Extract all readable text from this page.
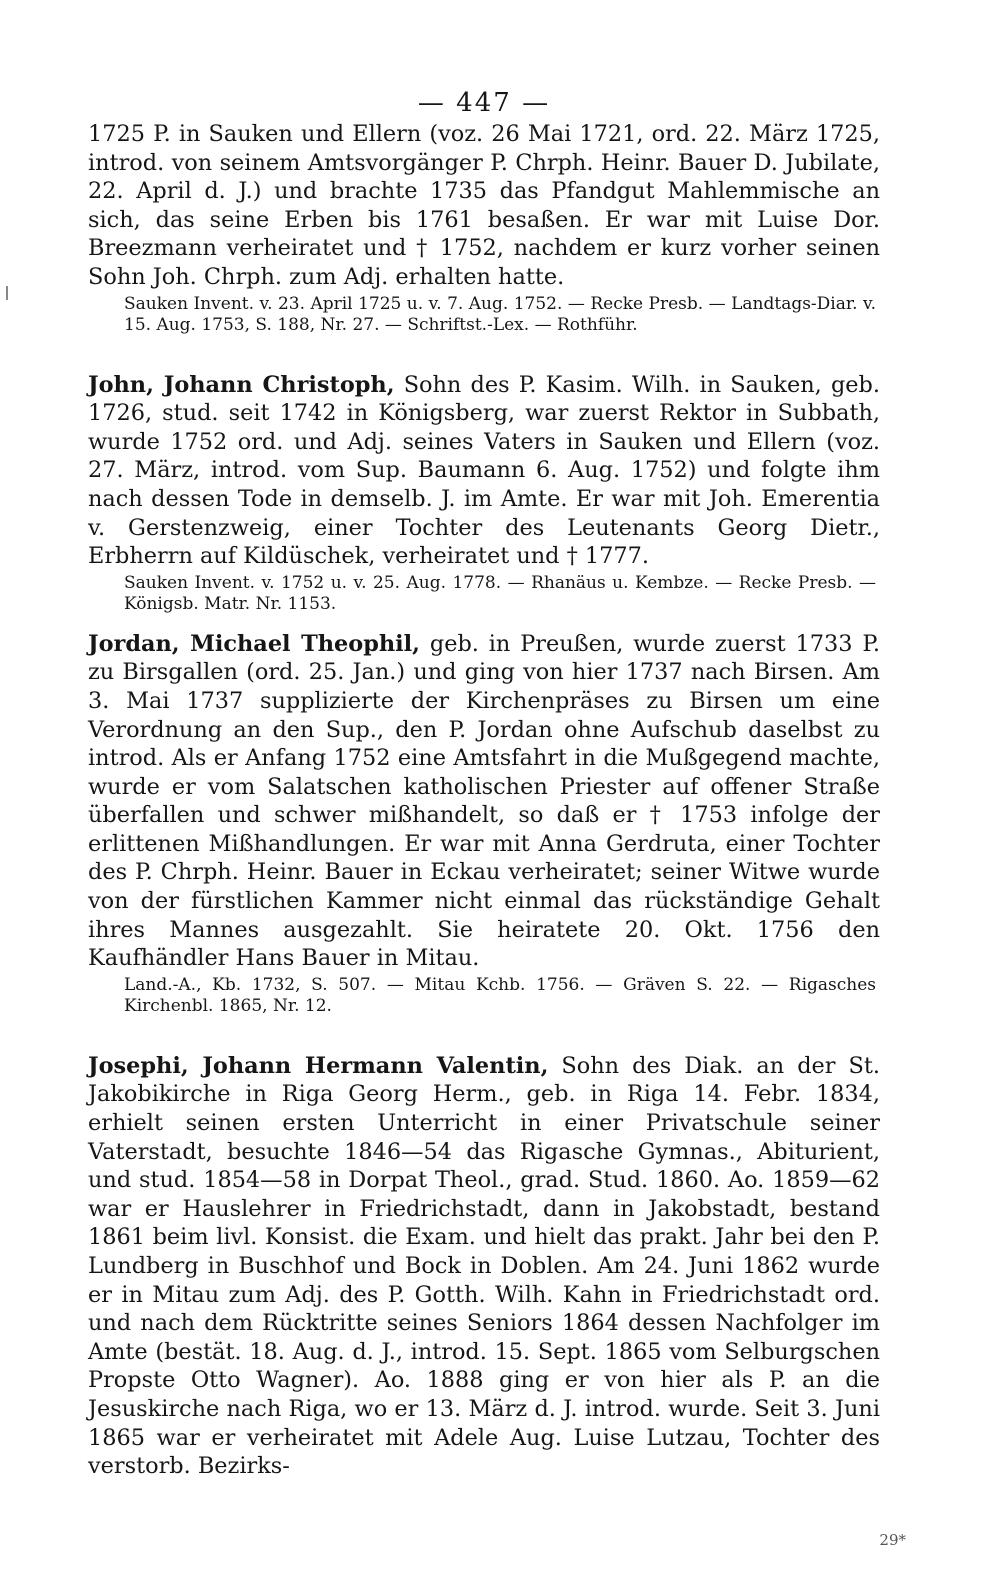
— 447 —

1725 P. in Sauken und Ellern (voz. 26 Mai 1721, ord. 22. März 1725, introd. von seinem Amtsvorgänger P. Chrph. Heinr. Bauer D. Jubilate, 22. April d. J.) und brachte 1735 das Pfandgut Mahlemmische an sich, das seine Erben bis 1761 besaßen. Er war mit Luise Dor. Breezmann verheiratet und † 1752, nachdem er kurz vorher seinen Sohn Joh. Chrph. zum Adj. erhalten hatte.

Sauken Invent. v. 23. April 1725 u. v. 7. Aug. 1752. — Recke Presb. — Landtags-Diar. v. 15. Aug. 1753, S. 188, Nr. 27. — Schriftst.-Lex. — Rothführ.

John, Johann Christoph, Sohn des P. Kasim. Wilh. in Sauken, geb. 1726, stud. seit 1742 in Königsberg, war zuerst Rektor in Subbath, wurde 1752 ord. und Adj. seines Vaters in Sauken und Ellern (voz. 27. März, introd. vom Sup. Baumann 6. Aug. 1752) und folgte ihm nach dessen Tode in demselb. J. im Amte. Er war mit Joh. Emerentia v. Gerstenzweig, einer Tochter des Leutenants Georg Dietr., Erbherrn auf Kildüschek, verheiratet und † 1777.

Sauken Invent. v. 1752 u. v. 25. Aug. 1778. — Rhanäus u. Kembze. — Recke Presb. — Königsb. Matr. Nr. 1153.

Jordan, Michael Theophil, geb. in Preußen, wurde zuerst 1733 P. zu Birsgallen (ord. 25. Jan.) und ging von hier 1737 nach Birsen. Am 3. Mai 1737 supplizierte der Kirchenpräses zu Birsen um eine Verordnung an den Sup., den P. Jordan ohne Aufschub daselbst zu introd. Als er Anfang 1752 eine Amtsfahrt in die Mußgegend machte, wurde er vom Salatschen katholischen Priester auf offener Straße überfallen und schwer mißhandelt, so daß er † 1753 infolge der erlittenen Mißhandlungen. Er war mit Anna Gerdruta, einer Tochter des P. Chrph. Heinr. Bauer in Eckau verheiratet; seiner Witwe wurde von der fürstlichen Kammer nicht einmal das rückständige Gehalt ihres Mannes ausgezahlt. Sie heiratete 20. Okt. 1756 den Kaufhändler Hans Bauer in Mitau.

Land.-A., Kb. 1732, S. 507. — Mitau Kchb. 1756. — Gräven S. 22. — Rigasches Kirchenbl. 1865, Nr. 12.

Josephi, Johann Hermann Valentin, Sohn des Diak. an der St. Jakobikirche in Riga Georg Herm., geb. in Riga 14. Febr. 1834, erhielt seinen ersten Unterricht in einer Privatschule seiner Vaterstadt, besuchte 1846—54 das Rigasche Gymnas., Abiturient, und stud. 1854—58 in Dorpat Theol., grad. Stud. 1860. Ao. 1859—62 war er Hauslehrer in Friedrichstadt, dann in Jakobstadt, bestand 1861 beim livl. Konsist. die Exam. und hielt das prakt. Jahr bei den P. Lundberg in Buschhof und Bock in Doblen. Am 24. Juni 1862 wurde er in Mitau zum Adj. des P. Gotth. Wilh. Kahn in Friedrichstadt ord. und nach dem Rücktritte seines Seniors 1864 dessen Nachfolger im Amte (bestät. 18. Aug. d. J., introd. 15. Sept. 1865 vom Selburgschen Propste Otto Wagner). Ao. 1888 ging er von hier als P. an die Jesuskirche nach Riga, wo er 13. März d. J. introd. wurde. Seit 3. Juni 1865 war er verheiratet mit Adele Aug. Luise Lutzau, Tochter des verstorb. Bezirks-

29*
